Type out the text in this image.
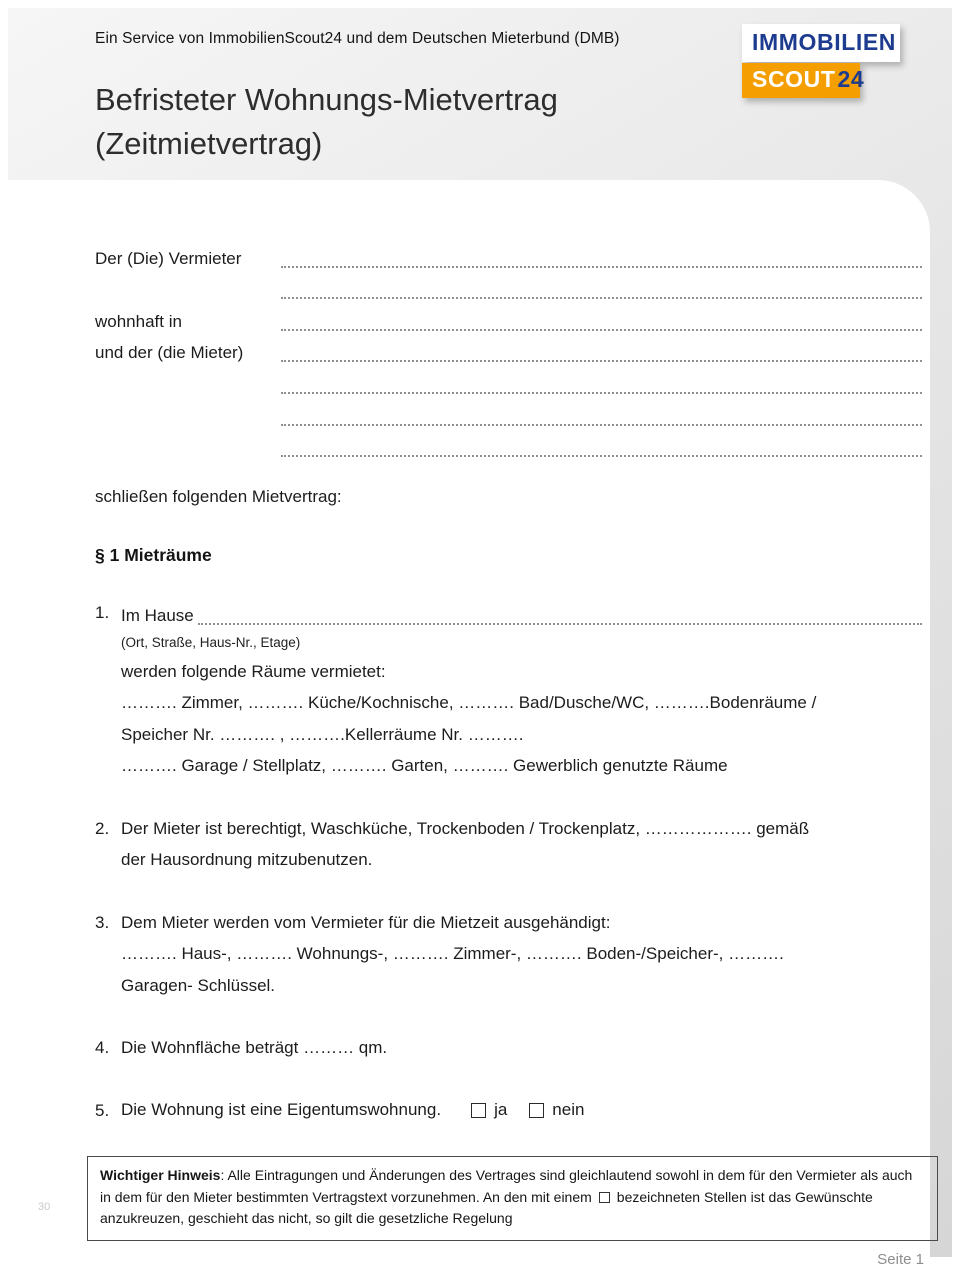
Ein Service von ImmobilienScout24 und dem Deutschen Mieterbund (DMB)	IMMOBILIEN
SCOUT24
Befristeter Wohnungs-Mietvertrag
(Zeitmietvertrag)
Der (Die) Vermieter
wohnhaft in
und der (die Mieter)
schließen folgenden Mietvertrag:
§ 1 Mieträume
1. Im Hause
(Ort, Straße, Haus-Nr., Etage)
werden folgende Räume vermietet:
………. Zimmer, ………. Küche/Kochnische, ………. Bad/Dusche/WC, ……….Bodenräume /
Speicher Nr. ………. , ……….Kellerräume Nr. ……….
………. Garage / Stellplatz, ………. Garten, ………. Gewerblich genutzte Räume
2. Der Mieter ist berechtigt, Waschküche, Trockenboden / Trockenplatz, ………………. gemäß
der Hausordnung mitzubenutzen.
3. Dem Mieter werden vom Vermieter für die Mietzeit ausgehändigt:
………. Haus-, ………. Wohnungs-, ………. Zimmer-, ………. Boden-/Speicher-, ……….
Garagen- Schlüssel.
4. Die Wohnfläche beträgt ……… qm.
5. Die Wohnung ist eine Eigentumswohnung.	ja	nein
Wichtiger Hinweis: Alle Eintragungen und Änderungen des Vertrages sind gleichlautend sowohl in dem für den Vermieter als auch in dem für den Mieter bestimmten Vertragstext vorzunehmen. An den mit einem bezeichneten Stellen ist das Gewünschte anzukreuzen, geschieht das nicht, so gilt die gesetzliche Regelung
30
Seite 1
